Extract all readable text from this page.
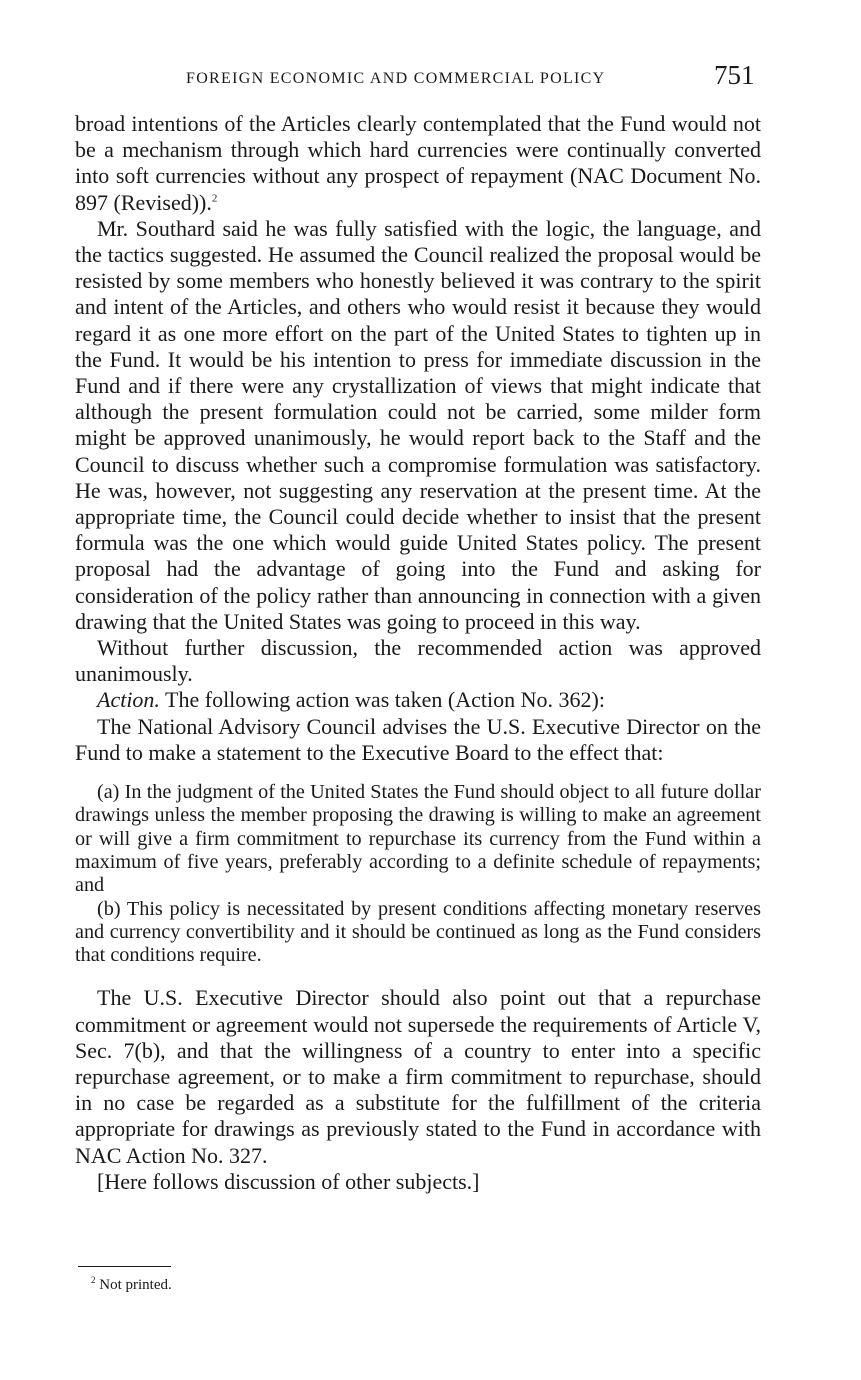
FOREIGN ECONOMIC AND COMMERCIAL POLICY	751

broad intentions of the Articles clearly contemplated that the Fund would not be a mechanism through which hard currencies were continually converted into soft currencies without any prospect of repayment (NAC Document No. 897 (Revised)).$^2$

Mr. Southard said he was fully satisfied with the logic, the language, and the tactics suggested. He assumed the Council realized the proposal would be resisted by some members who honestly believed it was contrary to the spirit and intent of the Articles, and others who would resist it because they would regard it as one more effort on the part of the United States to tighten up in the Fund. It would be his intention to press for immediate discussion in the Fund and if there were any crystallization of views that might indicate that although the present formulation could not be carried, some milder form might be approved unanimously, he would report back to the Staff and the Council to discuss whether such a compromise formulation was satisfactory. He was, however, not suggesting any reservation at the present time. At the appropriate time, the Council could decide whether to insist that the present formula was the one which would guide United States policy. The present proposal had the advantage of going into the Fund and asking for consideration of the policy rather than announcing in connection with a given drawing that the United States was going to proceed in this way.

Without further discussion, the recommended action was approved unanimously.

Action. The following action was taken (Action No. 362):

The National Advisory Council advises the U.S. Executive Director on the Fund to make a statement to the Executive Board to the effect that:

(a) In the judgment of the United States the Fund should object to all future dollar drawings unless the member proposing the drawing is willing to make an agreement or will give a firm commitment to repurchase its currency from the Fund within a maximum of five years, preferably according to a definite schedule of repayments; and

(b) This policy is necessitated by present conditions affecting monetary reserves and currency convertibility and it should be continued as long as the Fund considers that conditions require.

The U.S. Executive Director should also point out that a repurchase commitment or agreement would not supersede the requirements of Article V, Sec. 7(b), and that the willingness of a country to enter into a specific repurchase agreement, or to make a firm commitment to repurchase, should in no case be regarded as a substitute for the fulfillment of the criteria appropriate for drawings as previously stated to the Fund in accordance with NAC Action No. 327.

[Here follows discussion of other subjects.]

$^2$ Not printed.
